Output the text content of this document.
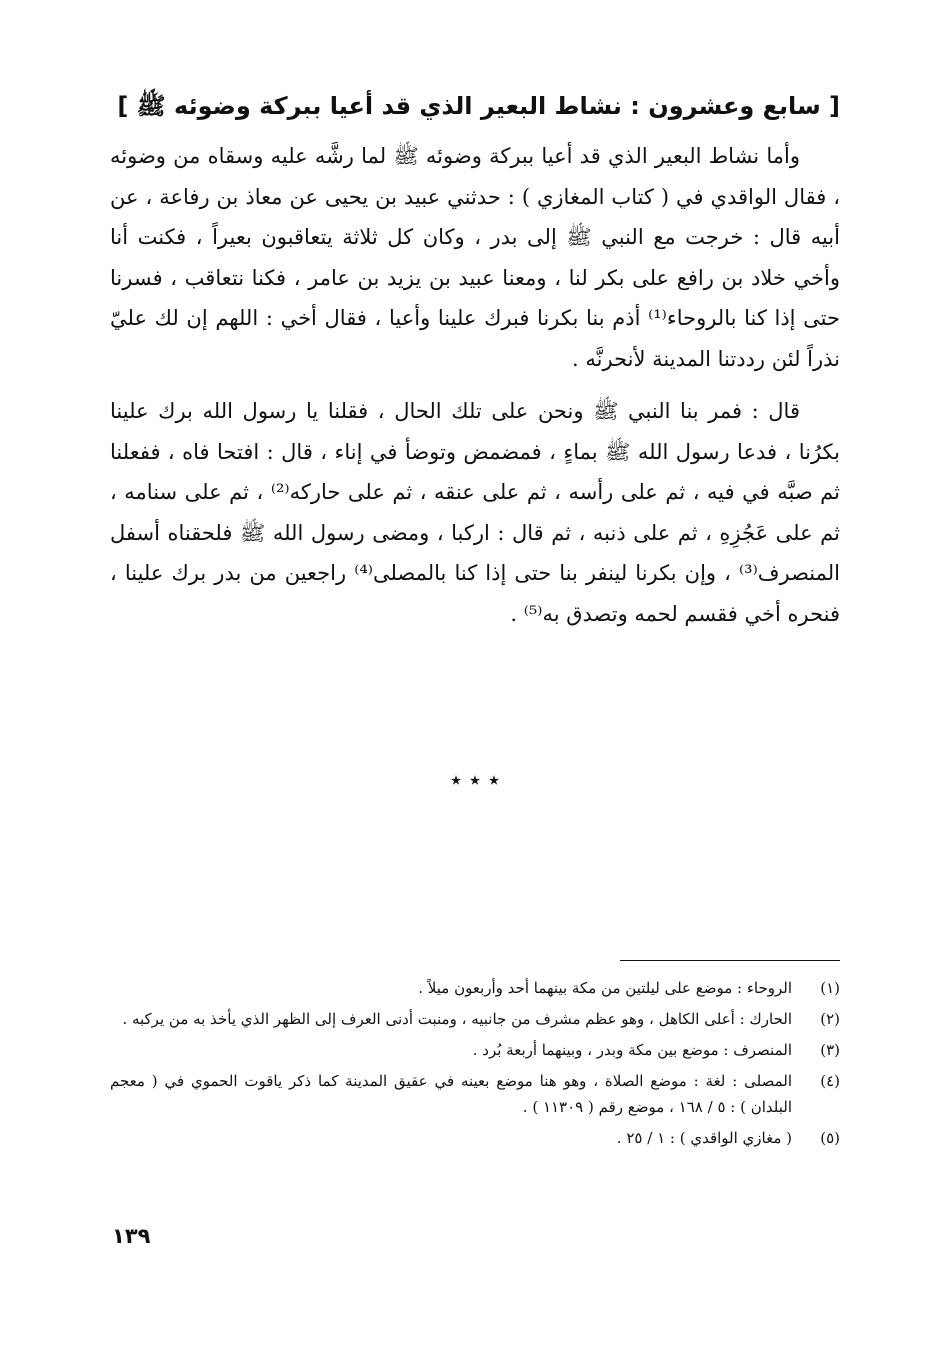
[ سابع وعشرون : نشاط البعير الذي قد أعيا ببركة وضوئه ﷺ ]

وأما نشاط البعير الذي قد أعيا ببركة وضوئه ﷺ لما رشَّه عليه وسقاه من وضوئه ، فقال الواقدي في ( كتاب المغازي ) : حدثني عبيد بن يحيى عن معاذ بن رفاعة ، عن أبيه قال : خرجت مع النبي ﷺ إلى بدر ، وكان كل ثلاثة يتعاقبون بعيراً ، فكنت أنا وأخي خلاد بن رافع على بكر لنا ، ومعنا عبيد بن يزيد بن عامر ، فكنا نتعاقب ، فسرنا حتى إذا كنا بالروحاء⁽¹⁾ أذم بنا بكرنا فبرك علينا وأعيا ، فقال أخي : اللهم إن لك عليّ نذراً لئن رددتنا المدينة لأنحرنَّه .

قال : فمر بنا النبي ﷺ ونحن على تلك الحال ، فقلنا يا رسول الله برك علينا بكرُنا ، فدعا رسول الله ﷺ بماءٍ ، فمضمض وتوضأ في إناء ، قال : افتحا فاه ، ففعلنا ثم صبَّه في فيه ، ثم على رأسه ، ثم على عنقه ، ثم على حاركه⁽²⁾ ، ثم على سنامه ، ثم على عَجُزِهِ ، ثم على ذنبه ، ثم قال : اركبا ، ومضى رسول الله ﷺ فلحقناه أسفل المنصرف⁽³⁾ ، وإن بكرنا لينفر بنا حتى إذا كنا بالمصلى⁽⁴⁾ راجعين من بدر برك علينا ، فنحره أخي فقسم لحمه وتصدق به⁽⁵⁾ .

٭ ٭ ٭
(١)
الروحاء : موضع على ليلتين من مكة بينهما أحد وأربعون ميلاً .
(٢)
الحارك : أعلى الكاهل ، وهو عظم مشرف من جانبيه ، ومنبت أدنى العرف إلى الظهر الذي يأخذ به من يركبه .
(٣)
المنصرف : موضع بين مكة وبدر ، وبينهما أربعة بُرد .
(٤)
المصلى : لغة : موضع الصلاة ، وهو هنا موضع بعينه في عقيق المدينة كما ذكر ياقوت الحموي في ( معجم البلدان ) : ٥ / ١٦٨ ، موضع رقم ( ١١٣٠٩ ) .
(٥)
( مغازي الواقدي ) : ١ / ٢٥ .
١٣٩
